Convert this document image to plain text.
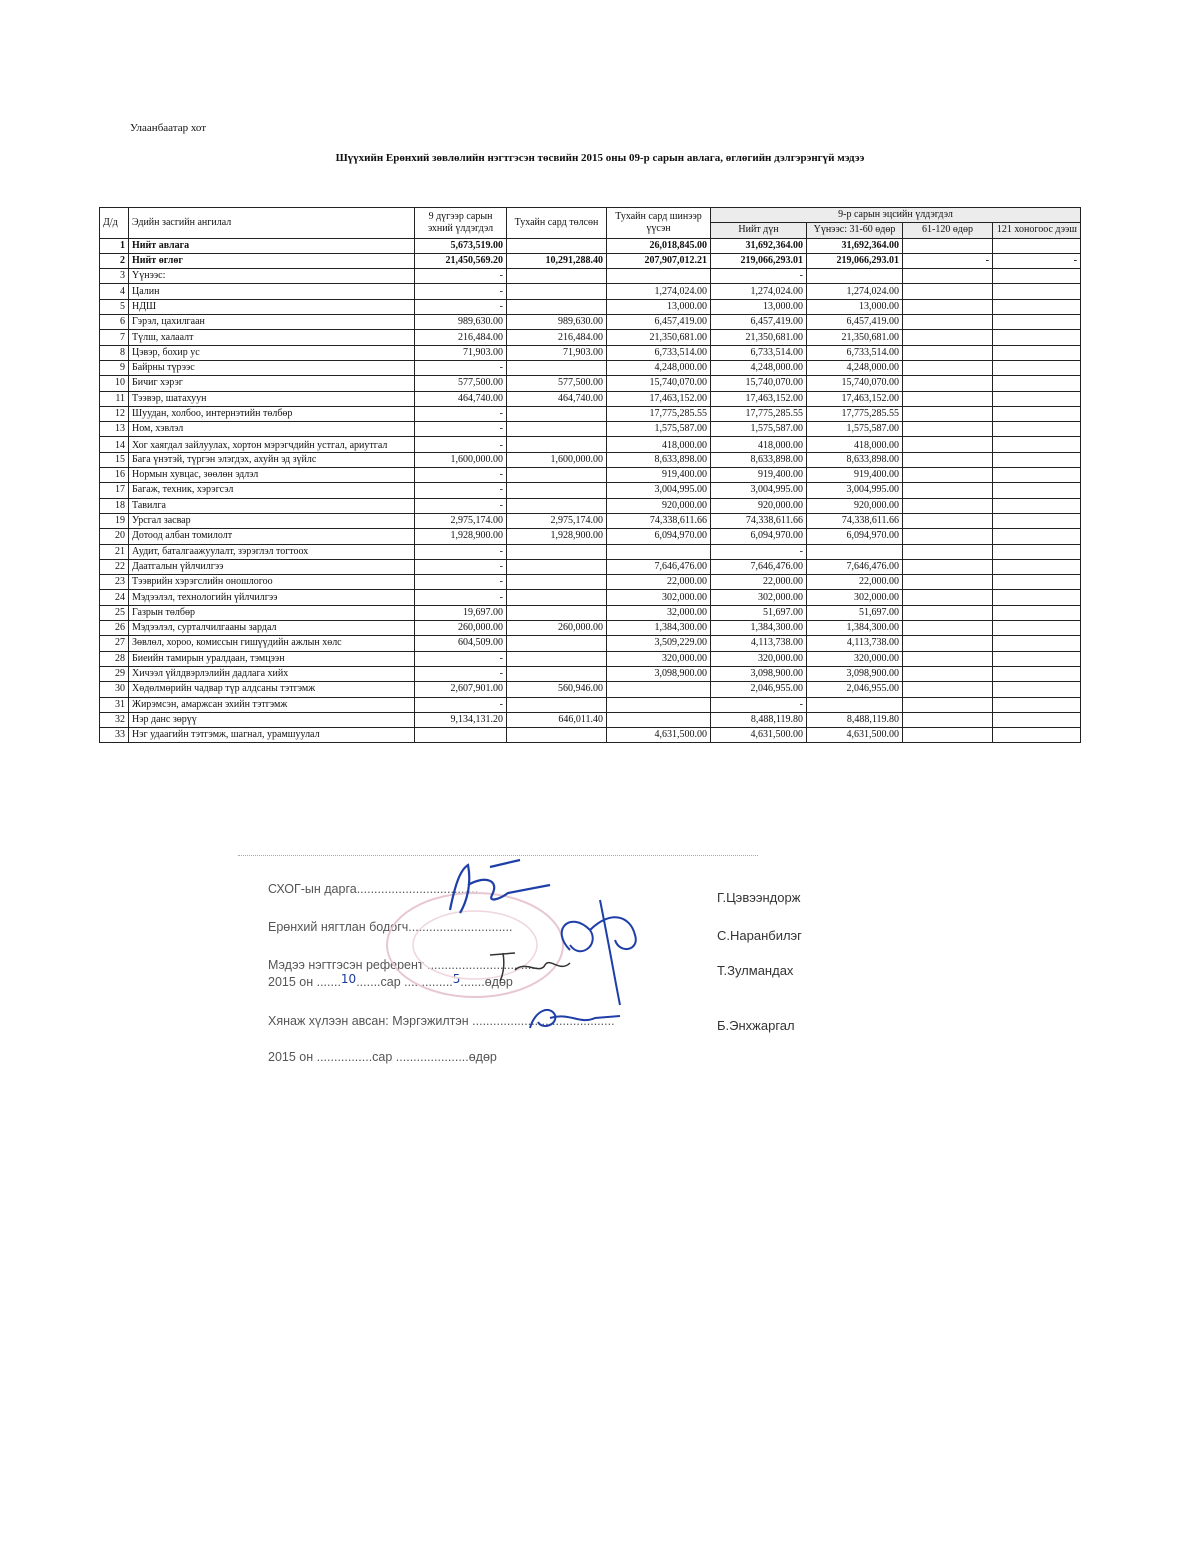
Улаанбаатар хот
Шүүхийн Ерөнхий зөвлөлийн нэгтгэсэн төсвийн 2015 оны 09-р сарын авлага, өглөгийн дэлгэрэнгүй мэдээ
Д/д	Эдийн засгийн ангилал	9 дүгээр сарын эхний үлдэгдэл	Тухайн сард төлсөн	Тухайн сард шинээр үүсэн	9-р сарын эцсийн үлдэгдэл			
					Нийт дүн	Үүнээс: 31-60 өдөр	61-120 өдөр	121 хоногоос дээш
1	Нийт авлага	5,673,519.00		26,018,845.00	31,692,364.00	31,692,364.00		
2	Нийт өглөг	21,450,569.20	10,291,288.40	207,907,012.21	219,066,293.01	219,066,293.01	-	-
3	Үүнээс:	-			-			
4	Цалин	-		1,274,024.00	1,274,024.00	1,274,024.00		
5	НДШ	-		13,000.00	13,000.00	13,000.00		
6	Гэрэл, цахилгаан	989,630.00	989,630.00	6,457,419.00	6,457,419.00	6,457,419.00		
7	Түлш, халаалт	216,484.00	216,484.00	21,350,681.00	21,350,681.00	21,350,681.00		
8	Цэвэр, бохир ус	71,903.00	71,903.00	6,733,514.00	6,733,514.00	6,733,514.00		
9	Байрны түрээс	-		4,248,000.00	4,248,000.00	4,248,000.00		
10	Бичиг хэрэг	577,500.00	577,500.00	15,740,070.00	15,740,070.00	15,740,070.00		
11	Тээвэр, шатахуун	464,740.00	464,740.00	17,463,152.00	17,463,152.00	17,463,152.00		
12	Шуудан, холбоо, интернэтийн төлбөр	-		17,775,285.55	17,775,285.55	17,775,285.55		
13	Ном, хэвлэл	-		1,575,587.00	1,575,587.00	1,575,587.00		
14	Хог хаягдал зайлуулах, хортон мэрэгчдийн устгал, ариутгал	-		418,000.00	418,000.00	418,000.00		
15	Бага үнэтэй, түргэн элэгдэх, ахуйн эд зүйлс	1,600,000.00	1,600,000.00	8,633,898.00	8,633,898.00	8,633,898.00		
16	Нормын хувцас, зөөлөн эдлэл	-		919,400.00	919,400.00	919,400.00		
17	Багаж, техник, хэрэгсэл	-		3,004,995.00	3,004,995.00	3,004,995.00		
18	Тавилга	-		920,000.00	920,000.00	920,000.00		
19	Урсгал засвар	2,975,174.00	2,975,174.00	74,338,611.66	74,338,611.66	74,338,611.66		
20	Дотоод албан томилолт	1,928,900.00	1,928,900.00	6,094,970.00	6,094,970.00	6,094,970.00		
21	Аудит, баталгаажуулалт, зэрэглэл тогтоох	-			-			
22	Даатгалын үйлчилгээ	-		7,646,476.00	7,646,476.00	7,646,476.00		
23	Тээврийн хэрэгслийн оношлогоо	-		22,000.00	22,000.00	22,000.00		
24	Мэдээлэл, технологийн үйлчилгээ	-		302,000.00	302,000.00	302,000.00		
25	Газрын төлбөр	19,697.00		32,000.00	51,697.00	51,697.00		
26	Мэдээлэл, сурталчилгааны зардал	260,000.00	260,000.00	1,384,300.00	1,384,300.00	1,384,300.00		
27	Зөвлөл, хороо, комиссын гишүүдийн ажлын хөлс	604,509.00		3,509,229.00	4,113,738.00	4,113,738.00		
28	Биеийн тамирын уралдаан, тэмцээн	-		320,000.00	320,000.00	320,000.00		
29	Хичээл үйлдвэрлэлийн дадлага хийх	-		3,098,900.00	3,098,900.00	3,098,900.00		
30	Хөдөлмөрийн чадвар түр алдсаны тэтгэмж	2,607,901.00	560,946.00		2,046,955.00	2,046,955.00		
31	Жирэмсэн, амаржсан эхийн тэтгэмж	-			-			
32	Нэр данс зөрүү	9,134,131.20	646,011.40		8,488,119.80	8,488,119.80		
33	Нэг удаагийн тэтгэмж, шагнал, урамшуулал			4,631,500.00	4,631,500.00	4,631,500.00		
СХОГ-ын дарга...................................
Г.Цэвээндорж
Ерөнхий нягтлан бодогч..............................
С.Наранбилэг
Мэдээ нэгтгэсэн референт ................................	Т.Зулмандах
2015 он .......10.......сар ..............5.......өдөр
Хянаж хүлээн авсан: Мэргэжилтэн .........................................	Б.Энхжаргал
2015 он ................сар .....................өдөр
